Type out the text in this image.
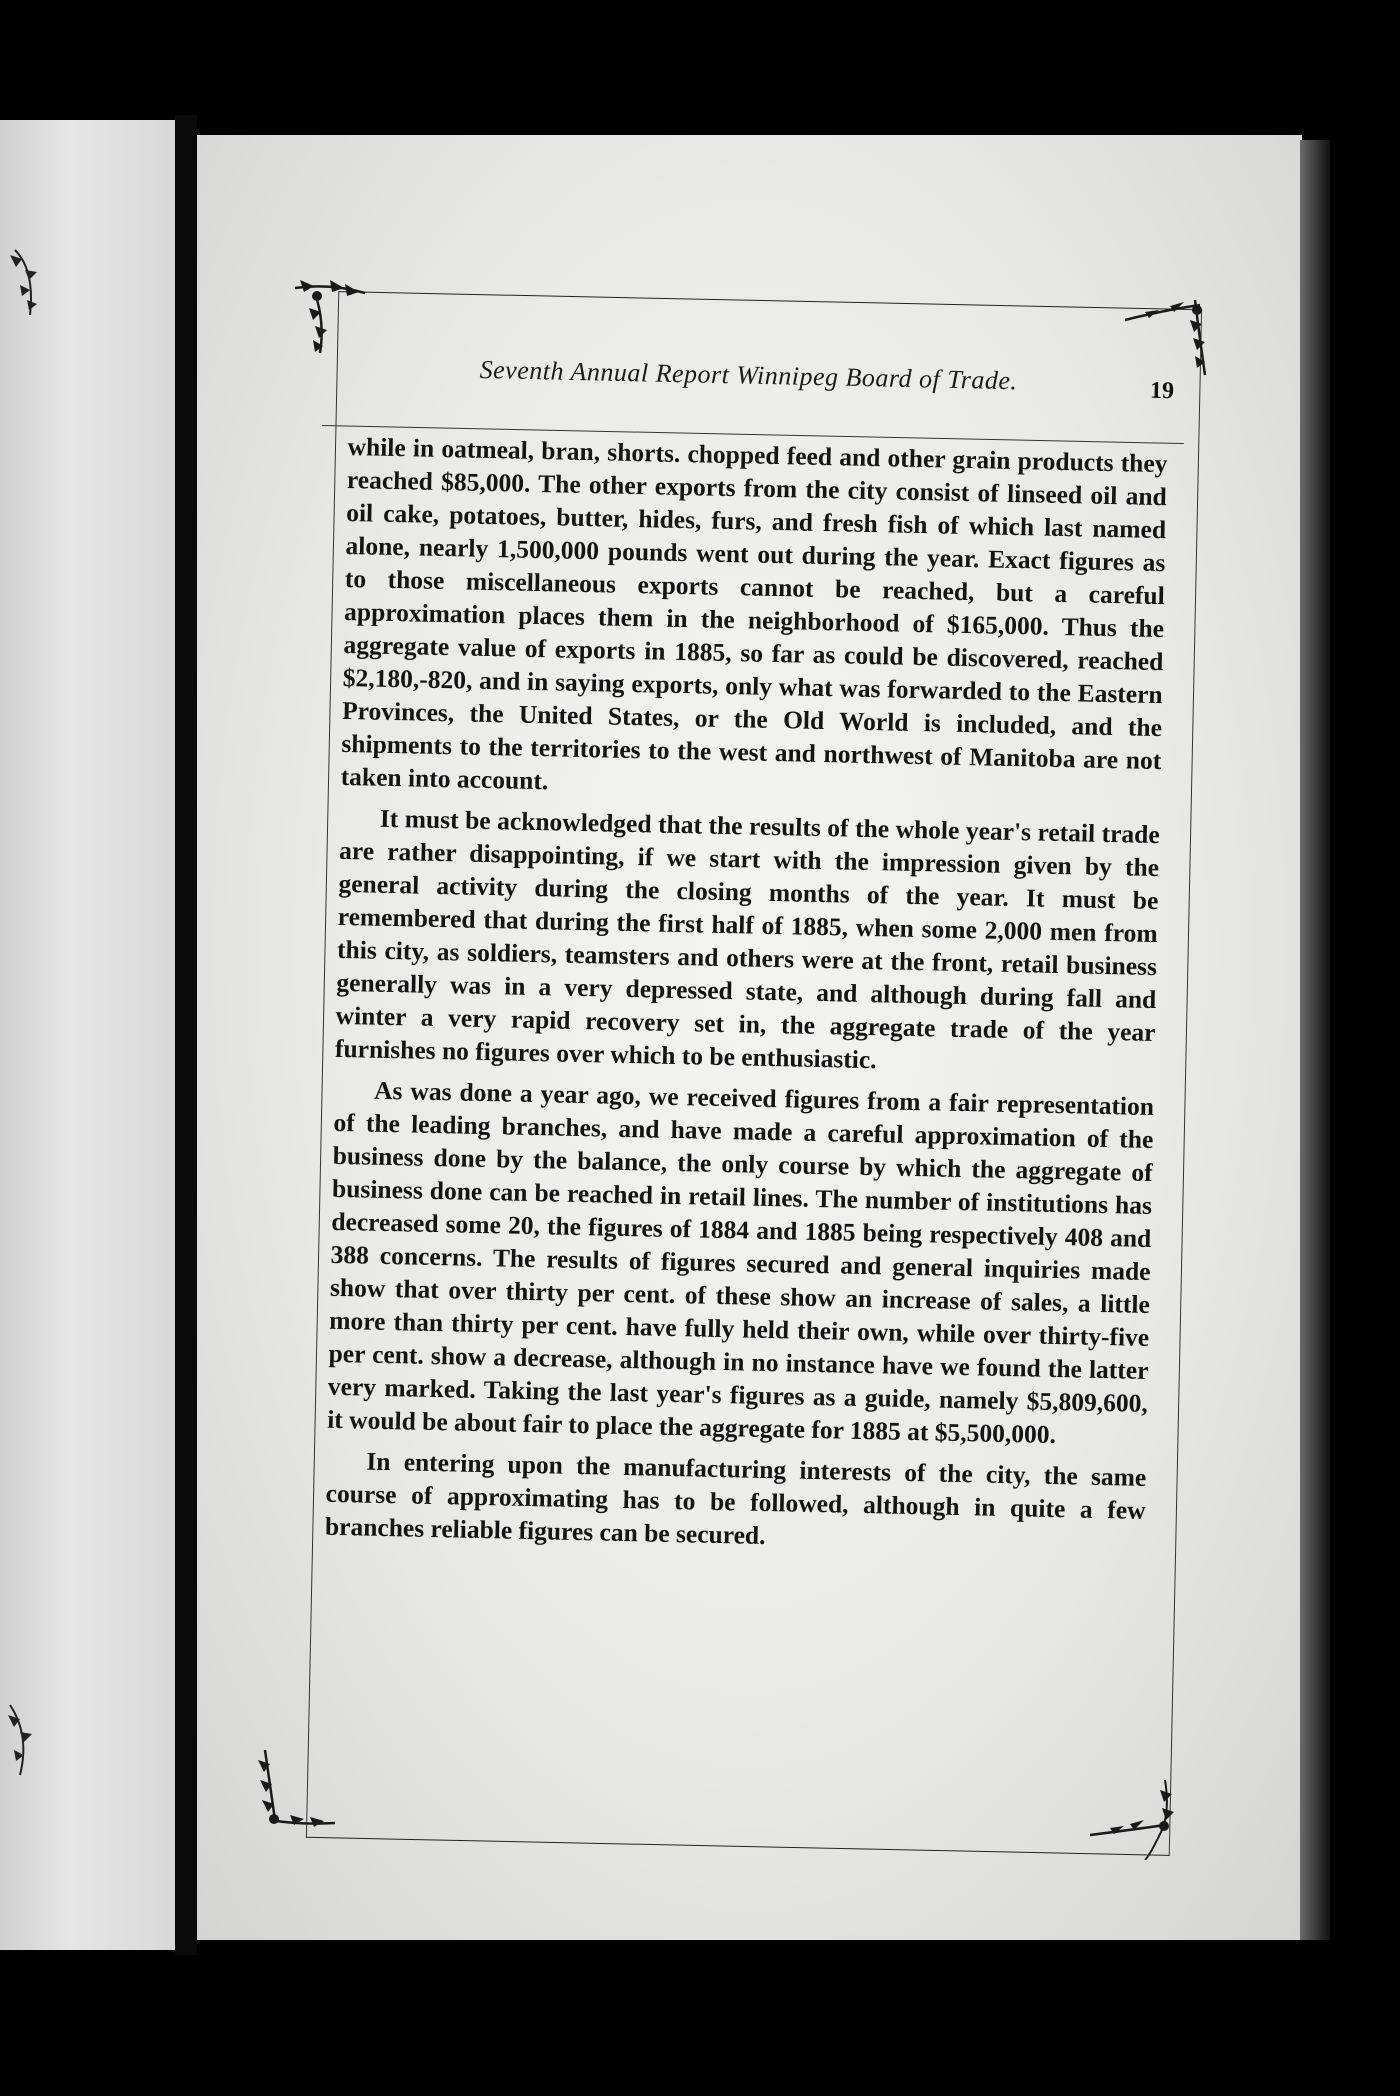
Seventh Annual Report Winnipeg Board of Trade.	19

while in oatmeal, bran, shorts. chopped feed and other grain products they reached $85,000. The other exports from the city consist of linseed oil and oil cake, potatoes, butter, hides, furs, and fresh fish of which last named alone, nearly 1,500,000 pounds went out during the year. Exact figures as to those miscellaneous exports cannot be reached, but a careful approximation places them in the neighborhood of $165,000. Thus the aggregate value of exports in 1885, so far as could be discovered, reached $2,180,-820, and in saying exports, only what was forwarded to the Eastern Provinces, the United States, or the Old World is included, and the shipments to the territories to the west and northwest of Manitoba are not taken into account.

It must be acknowledged that the results of the whole year's retail trade are rather disappointing, if we start with the impression given by the general activity during the closing months of the year. It must be remembered that during the first half of 1885, when some 2,000 men from this city, as soldiers, teamsters and others were at the front, retail business generally was in a very depressed state, and although during fall and winter a very rapid recovery set in, the aggregate trade of the year furnishes no figures over which to be enthusiastic.

As was done a year ago, we received figures from a fair representation of the leading branches, and have made a careful approximation of the business done by the balance, the only course by which the aggregate of business done can be reached in retail lines. The number of institutions has decreased some 20, the figures of 1884 and 1885 being respectively 408 and 388 concerns. The results of figures secured and general inquiries made show that over thirty per cent. of these show an increase of sales, a little more than thirty per cent. have fully held their own, while over thirty-five per cent. show a decrease, although in no instance have we found the latter very marked. Taking the last year's figures as a guide, namely $5,809,600, it would be about fair to place the aggregate for 1885 at $5,500,000.

In entering upon the manufacturing interests of the city, the same course of approximating has to be followed, although in quite a few branches reliable figures can be secured.
